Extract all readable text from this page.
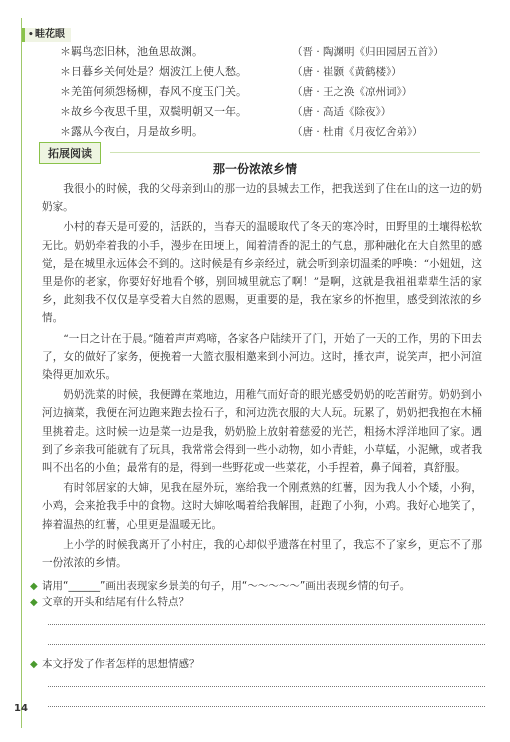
• 畦花眼
＊羁鸟恋旧林，池鱼思故渊。	（晋 · 陶渊明《归田园居五首》）
＊日暮乡关何处是？烟波江上使人愁。	（唐 · 崔颢《黄鹤楼》）
＊羌笛何须怨杨柳，春风不度玉门关。	（唐 · 王之涣《凉州词》）
＊故乡今夜思千里，双鬓明朝又一年。	（唐 · 高适《除夜》）
＊露从今夜白，月是故乡明。	（唐 · 杜甫《月夜忆舍弟》）
拓展阅读
那一份浓浓乡情

我很小的时候，我的父母亲到山的那一边的县城去工作，把我送到了住在山的这一边的奶奶家。

小村的春天是可爱的，活跃的，当春天的温暖取代了冬天的寒冷时，田野里的土壤得松软无比。奶奶牵着我的小手，漫步在田埂上，闻着清香的泥土的气息，那种融化在大自然里的感觉，是在城里永远体会不到的。这时候是有乡亲经过，就会听到亲切温柔的呼唤：“小妞妞，这里是你的老家，你要好好地看个够，别回城里就忘了啊！”是啊，这就是我祖祖辈辈生活的家乡，此刻我不仅仅是享受着大自然的恩赐，更重要的是，我在家乡的怀抱里，感受到浓浓的乡情。

“一日之计在于晨。”随着声声鸡啼，各家各户陆续开了门，开始了一天的工作，男的下田去了，女的做好了家务，便挽着一大篮衣服相邀来到小河边。这时，捶衣声，说笑声，把小河渲染得更加欢乐。

奶奶洗菜的时候，我便蹲在菜地边，用稚气而好奇的眼光感受奶奶的吃苦耐劳。奶奶到小河边摘菜，我便在河边跑来跑去捡石子，和河边洗衣服的大人玩。玩累了，奶奶把我抱在木桶里挑着走。这时候一边是菜一边是我，奶奶脸上放射着慈爱的光芒，粗扬木浮洋地回了家。遇到了乡亲我可能就有了玩具，我常常会得到一些小动物，如小青蛙，小草蜢，小泥鳅，或者我叫不出名的小鱼；最常有的是，得到一些野花或一些菜花，小手捏着，鼻子闻着，真舒服。

有时邻居家的大婶，见我在屋外玩，塞给我一个刚煮熟的红薯，因为我人小个矮，小狗，小鸡，会来抢我手中的食物。这时大婶吆喝着给我解围，赶跑了小狗，小鸡。我好心地笑了，捧着温热的红薯，心里更是温暖无比。

上小学的时候我离开了小村庄，我的心却似乎遗落在村里了，我忘不了家乡，更忘不了那一份浓浓的乡情。

◆ 请用“______”画出表现家乡景美的句子，用“～～～～～”画出表现乡情的句子。
◆ 文章的开头和结尾有什么特点？
◆ 本文抒发了作者怎样的思想情感？
14
